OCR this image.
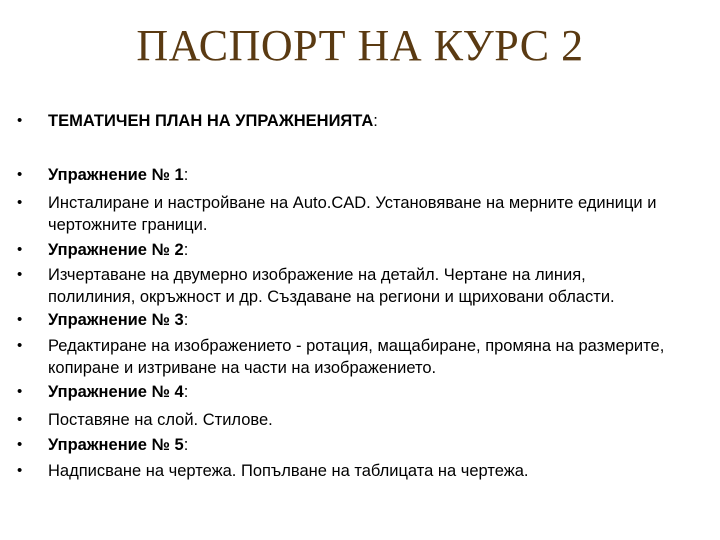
ПАСПОРТ НА КУРС 2
•	ТЕМАТИЧЕН ПЛАН НА УПРАЖНЕНИЯТА:
•	Упражнение № 1:
•	Инсталиране и настройване на Auto.CAD. Установяване на мерните единици и чертожните граници.
•	Упражнение № 2:
•	Изчертаване на двумерно изображение на детайл. Чертане на линия, полилиния, окръжност и др. Създаване на региони и щриховани области.
•	Упражнение № 3:
•	Редактиране на изображението - ротация, мащабиране, промяна на размерите, копиране и изтриване на части на изображението.
•	Упражнение № 4:
•	Поставяне на слой. Стилове.
•	Упражнение № 5:
•	Надписване на чертежа. Попълване на таблицата на чертежа.
